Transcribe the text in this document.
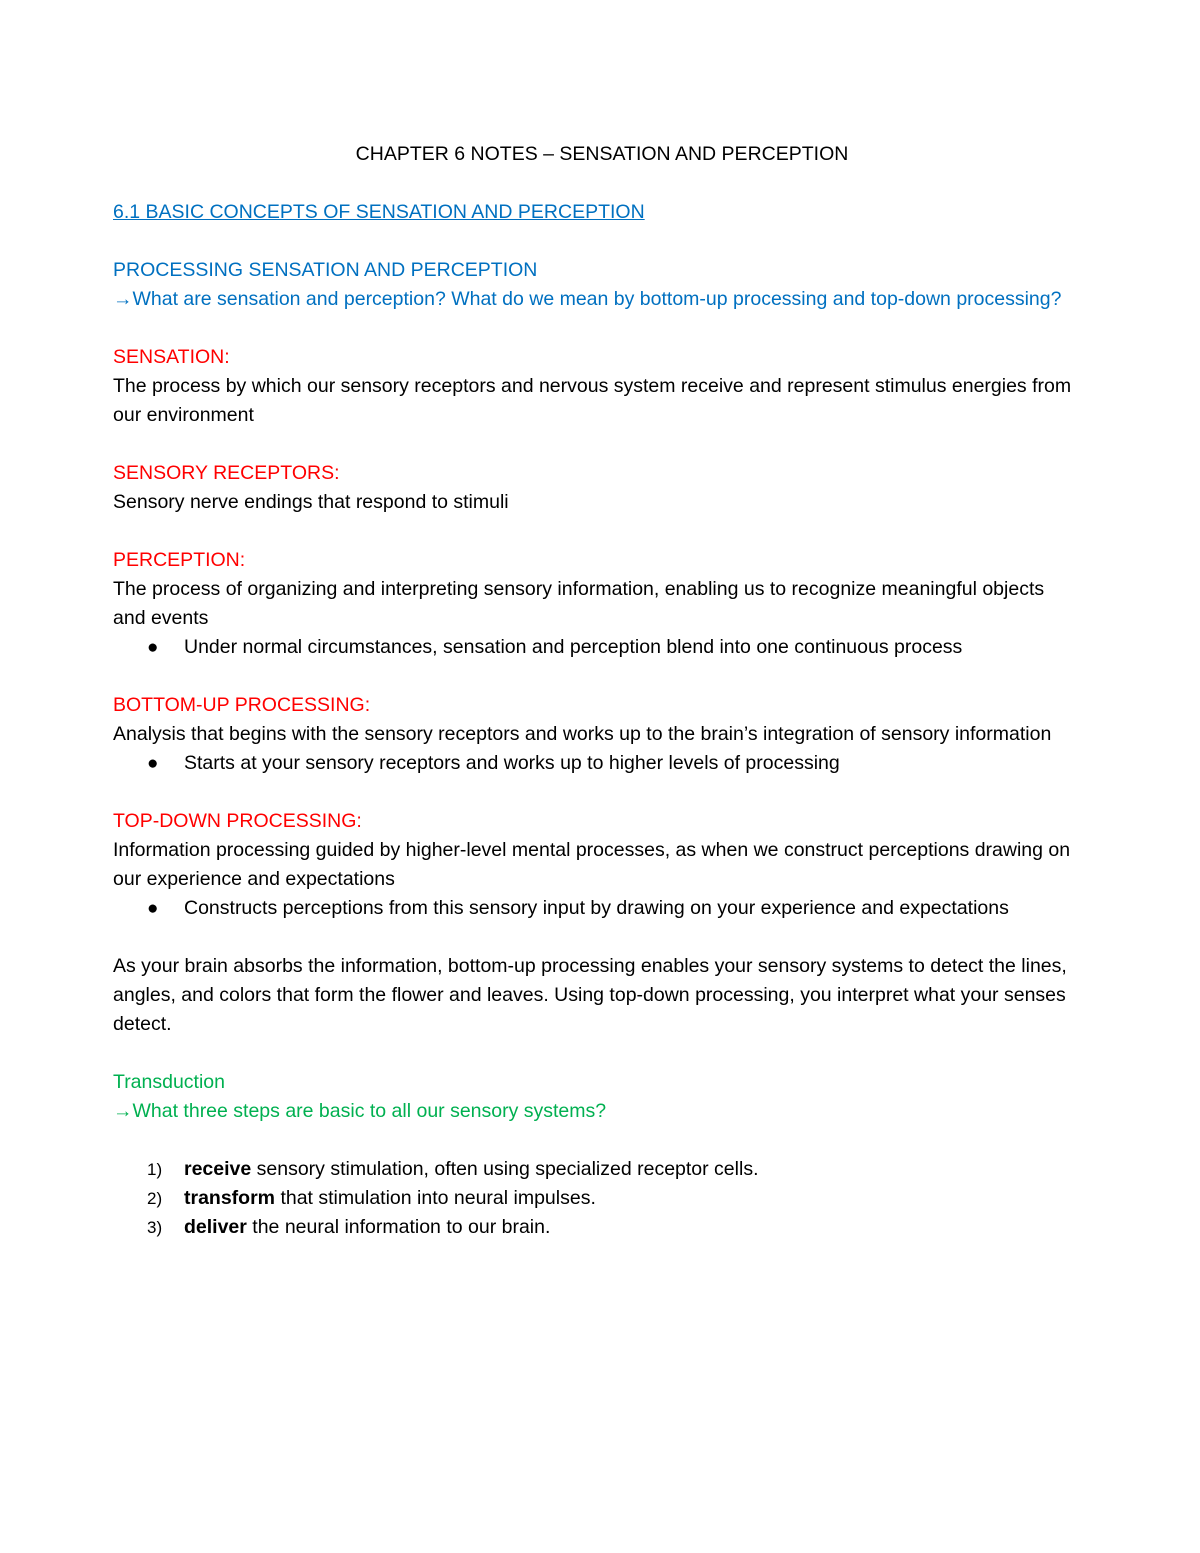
CHAPTER 6 NOTES – SENSATION AND PERCEPTION

6.1 BASIC CONCEPTS OF SENSATION AND PERCEPTION

PROCESSING SENSATION AND PERCEPTION

→What are sensation and perception? What do we mean by bottom-up processing and top-down processing?

SENSATION:

The process by which our sensory receptors and nervous system receive and represent stimulus energies from our environment

SENSORY RECEPTORS:

Sensory nerve endings that respond to stimuli

PERCEPTION:

The process of organizing and interpreting sensory information, enabling us to recognize meaningful objects and events

● Under normal circumstances, sensation and perception blend into one continuous process

BOTTOM-UP PROCESSING:

Analysis that begins with the sensory receptors and works up to the brain’s integration of sensory information

● Starts at your sensory receptors and works up to higher levels of processing

TOP-DOWN PROCESSING:

Information processing guided by higher-level mental processes, as when we construct perceptions drawing on our experience and expectations

● Constructs perceptions from this sensory input by drawing on your experience and expectations

As your brain absorbs the information, bottom-up processing enables your sensory systems to detect the lines, angles, and colors that form the flower and leaves. Using top-down processing, you interpret what your senses detect.

Transduction

→What three steps are basic to all our sensory systems?

1) receive sensory stimulation, often using specialized receptor cells.
2) transform that stimulation into neural impulses.
3) deliver the neural information to our brain.
